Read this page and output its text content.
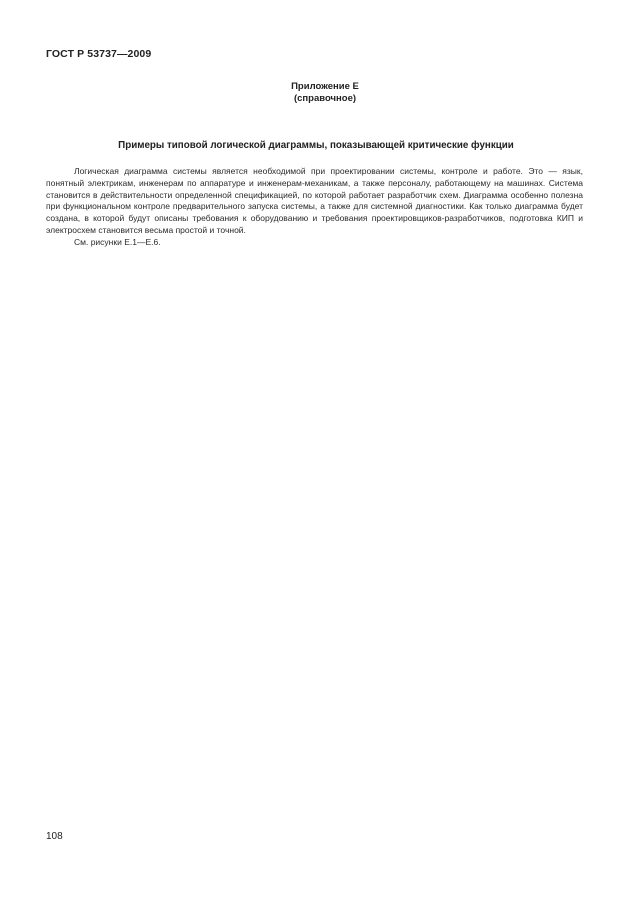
ГОСТ Р 53737—2009
Приложение Е
(справочное)
Примеры типовой логической диаграммы, показывающей критические функции

Логическая диаграмма системы является необходимой при проектировании системы, контроле и работе. Это — язык, понятный электрикам, инженерам по аппаратуре и инженерам-механикам, а также персоналу, работающему на машинах. Система становится в действительности определенной спецификацией, по которой работает разработчик схем. Диаграмма особенно полезна при функциональном контроле предварительного запуска системы, а также для системной диагностики. Как только диаграмма будет создана, в которой будут описаны требования к оборудованию и требования проектировщиков-разработчиков, подготовка КИП и электросхем становится весьма простой и точной.

См. рисунки Е.1—Е.6.

108
